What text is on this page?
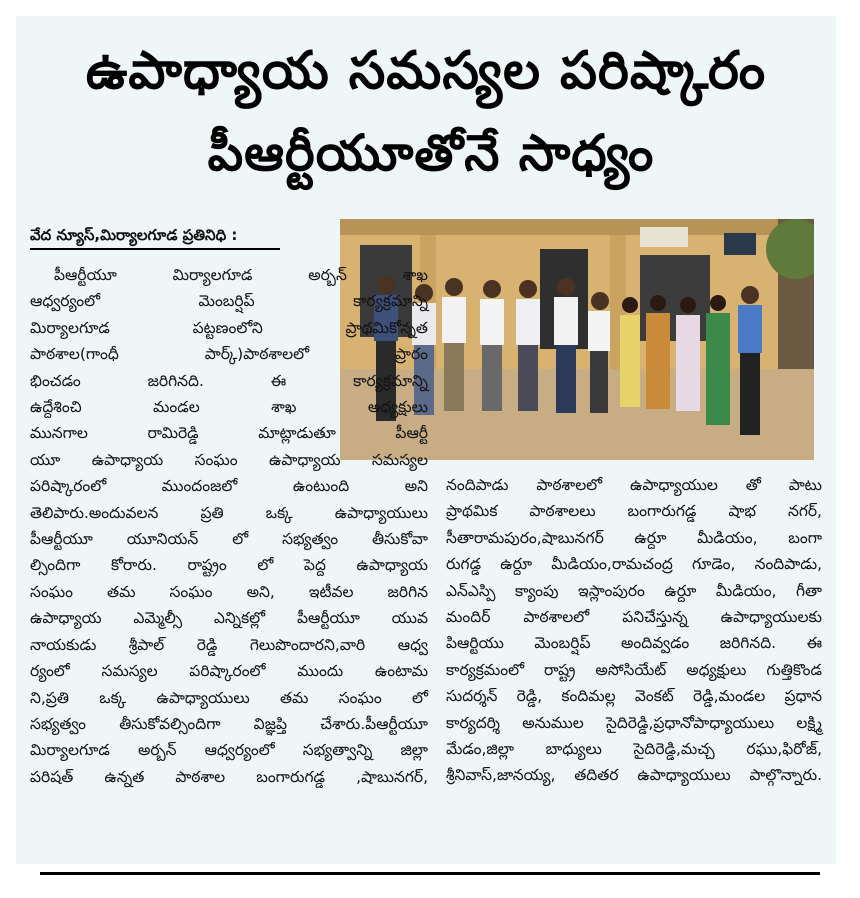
ఉపాధ్యాయ సమస్యల పరిష్కారం
పీఆర్టీయూతోనే సాధ్యం
వేద న్యూస్,మిర్యాలగూడ ప్రతినిధి :

పీఆర్టీయూ మిర్యాలగూడ అర్బన్ శాఖ

ఆధ్వర్యంలో మెంబర్షిప్ కార్యక్రమాన్ని

మిర్యాలగూడ పట్టణంలోని ప్రాథమికోన్నత

పాఠశాల(గాంధీ పార్క్)పాఠశాలలో ప్రారం

భించడం జరిగినది. ఈ కార్యక్రమాన్ని

ఉద్దేశించి మండల శాఖ అధ్యక్షులు

మునగాల రామిరెడ్డి మాట్లాడుతూ పీఆర్టీ

యూ ఉపాధ్యాయ సంఘం ఉపాధ్యాయ సమస్యల

పరిష్కారంలో ముందంజలో ఉంటుంది అని

తెలిపారు.అందువలన ప్రతి ఒక్క ఉపాధ్యాయులు

పీఆర్టీయూ యూనియన్ లో సభ్యత్వం తీసుకోవా

ల్సిందిగా కోరారు. రాష్ట్రం లో పెద్ద ఉపాధ్యాయ

సంఘం తమ సంఘం అని, ఇటీవల జరిగిన

ఉపాధ్యాయ ఎమ్మెల్సీ ఎన్నికల్లో పీఆర్టీయూ యువ

నాయకుడు శ్రీపాల్ రెడ్డి గెలుపొందారని,వారి ఆధ్వ

ర్యంలో సమస్యల పరిష్కారంలో ముందు ఉంటామ

ని,ప్రతి ఒక్క ఉపాధ్యాయులు తమ సంఘం లో

సభ్యత్వం తీసుకోవల్సిందిగా విజ్ఞప్తి చేశారు.పీఆర్టీయూ

మిర్యాలగూడ అర్బన్ ఆధ్వర్యంలో సభ్యత్వాన్ని జిల్లా

పరిషత్ ఉన్నత పాఠశాల బంగారుగడ్డ ,షాబునగర్,

నందిపాడు పాఠశాలలో ఉపాధ్యాయుల తో పాటు

ప్రాథమిక పాఠశాలలు బంగారుగడ్డ షాభ నగర్,

సీతారామపురం,షాబునగర్ ఉర్దూ మీడియం, బంగా

రుగడ్డ ఉర్దూ మీడియం,రామచంద్ర గూడెం, నందిపాడు,

ఎన్ఎస్పి క్యాంపు ఇస్లాంపురం ఉర్దూ మీడియం, గీతా

మందిర్ పాఠశాలలో పనిచేస్తున్న ఉపాధ్యాయులకు

పిఆర్టియు మెంబర్షిప్ అందివ్వడం జరిగినది. ఈ

కార్యక్రమంలో రాష్ట్ర అసోసియేట్ అధ్యక్షులు గుత్తికొండ

సుదర్శన్ రెడ్డి, కందిమల్ల వెంకట్ రెడ్డి,మండల ప్రధాన

కార్యదర్శి అనుముల సైదిరెడ్డి,ప్రధానోపాధ్యాయులు లక్ష్మి

మేడం,జిల్లా బాధ్యులు సైదిరెడ్డి,మచ్చ రఘు,ఫిరోజ్,

శ్రీనివాస్,జానయ్య, తదితర ఉపాధ్యాయులు పాల్గొన్నారు.
